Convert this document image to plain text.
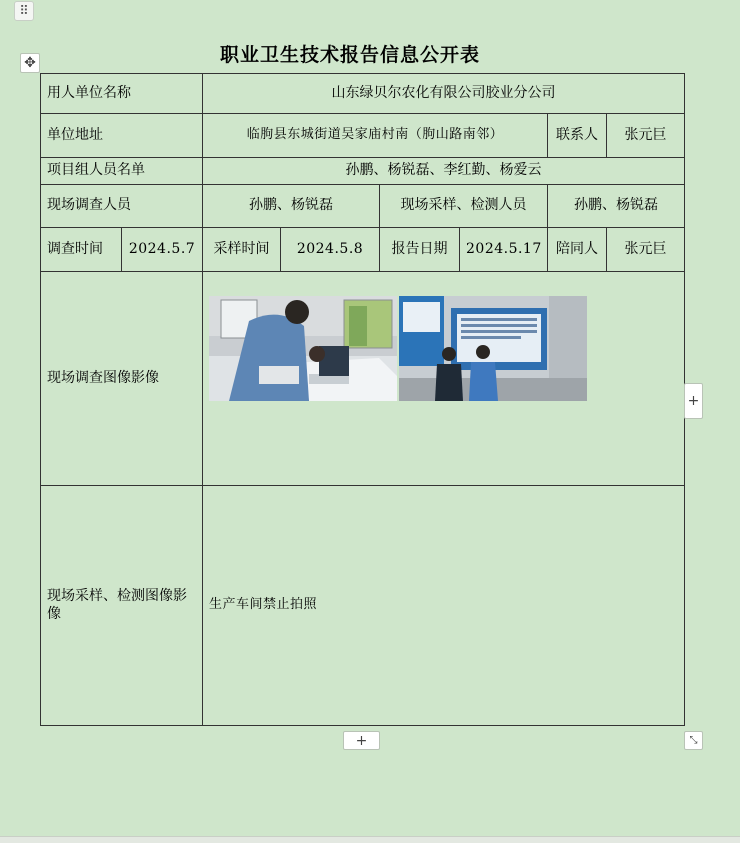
⠿
✥	职业卫生技术报告信息公开表
用人单位名称		山东绿贝尔农化有限公司胶业分公司					
单位地址		临朐县东城街道吴家庙村南（朐山路南邻）				联系人	张元巨
项目组人员名单		孙鹏、杨锐磊、李红勤、杨爱云					
现场调查人员		孙鹏、杨锐磊		现场采样、检测人员		孙鹏、杨锐磊	
调查时间	2024.5.7	采样时间	2024.5.8	报告日期	2024.5.17	陪同人	张元巨
现场调查图像影像	

现场采样、检测图像影像		生产车间禁止拍照					
+
+	⤡
